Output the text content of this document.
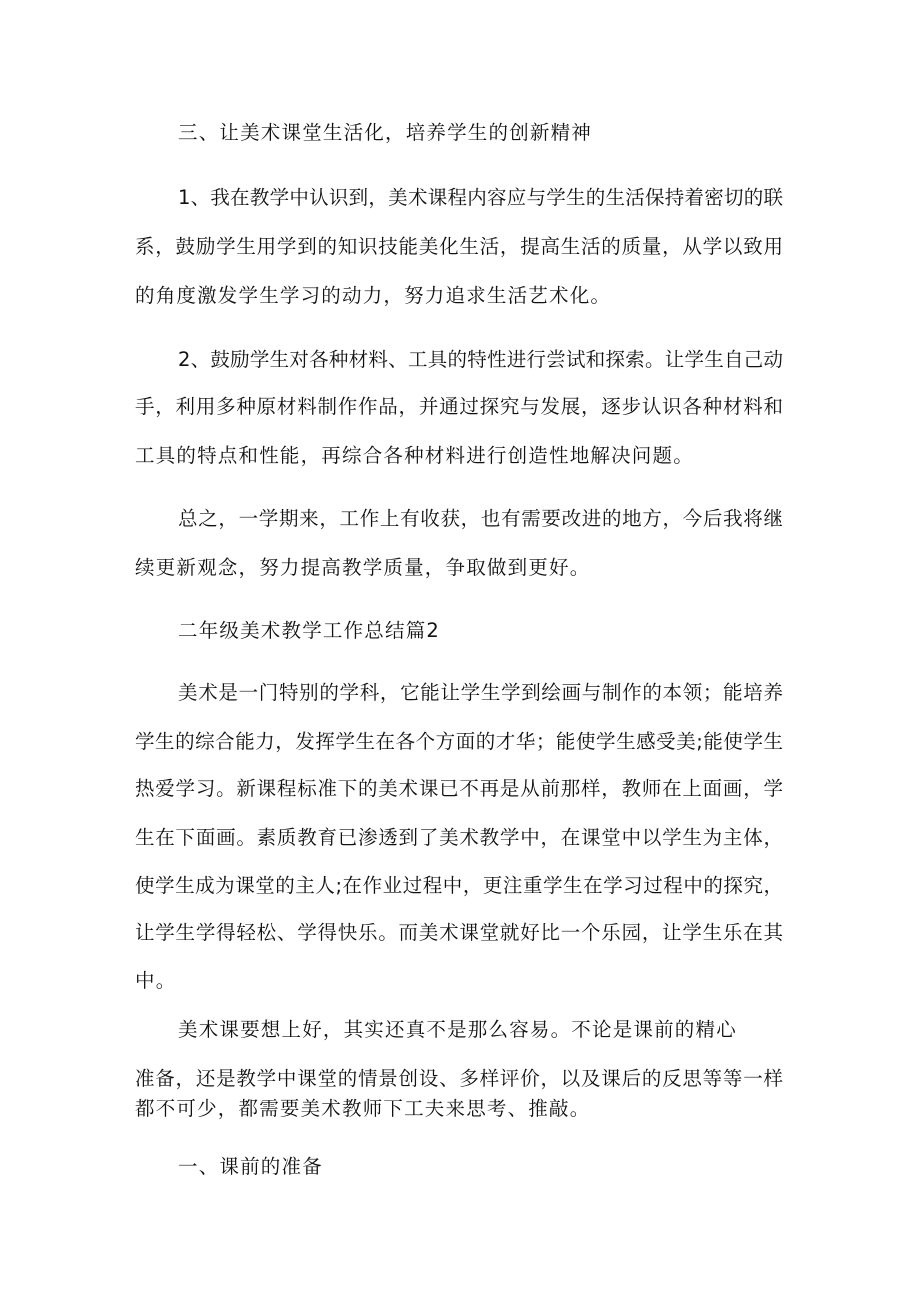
三、让美术课堂生活化，培养学生的创新精神
1、我在教学中认识到，美术课程内容应与学生的生活保持着密切的联
系，鼓励学生用学到的知识技能美化生活，提高生活的质量，从学以致用
的角度激发学生学习的动力，努力追求生活艺术化。
2、鼓励学生对各种材料、工具的特性进行尝试和探索。让学生自己动
手，利用多种原材料制作作品，并通过探究与发展，逐步认识各种材料和
工具的特点和性能，再综合各种材料进行创造性地解决问题。
总之，一学期来，工作上有收获，也有需要改进的地方，今后我将继
续更新观念，努力提高教学质量，争取做到更好。
二年级美术教学工作总结篇2
美术是一门特别的学科，它能让学生学到绘画与制作的本领；能培养
学生的综合能力，发挥学生在各个方面的才华；能使学生感受美;能使学生
热爱学习。新课程标准下的美术课已不再是从前那样，教师在上面画，学
生在下面画。素质教育已渗透到了美术教学中，在课堂中以学生为主体，
使学生成为课堂的主人;在作业过程中，更注重学生在学习过程中的探究，
让学生学得轻松、学得快乐。而美术课堂就好比一个乐园，让学生乐在其
中。
美术课要想上好，其实还真不是那么容易。不论是课前的精心
准备，还是教学中课堂的情景创设、多样评价，以及课后的反思等等一样
都不可少，都需要美术教师下工夫来思考、推敲。
一、课前的准备
